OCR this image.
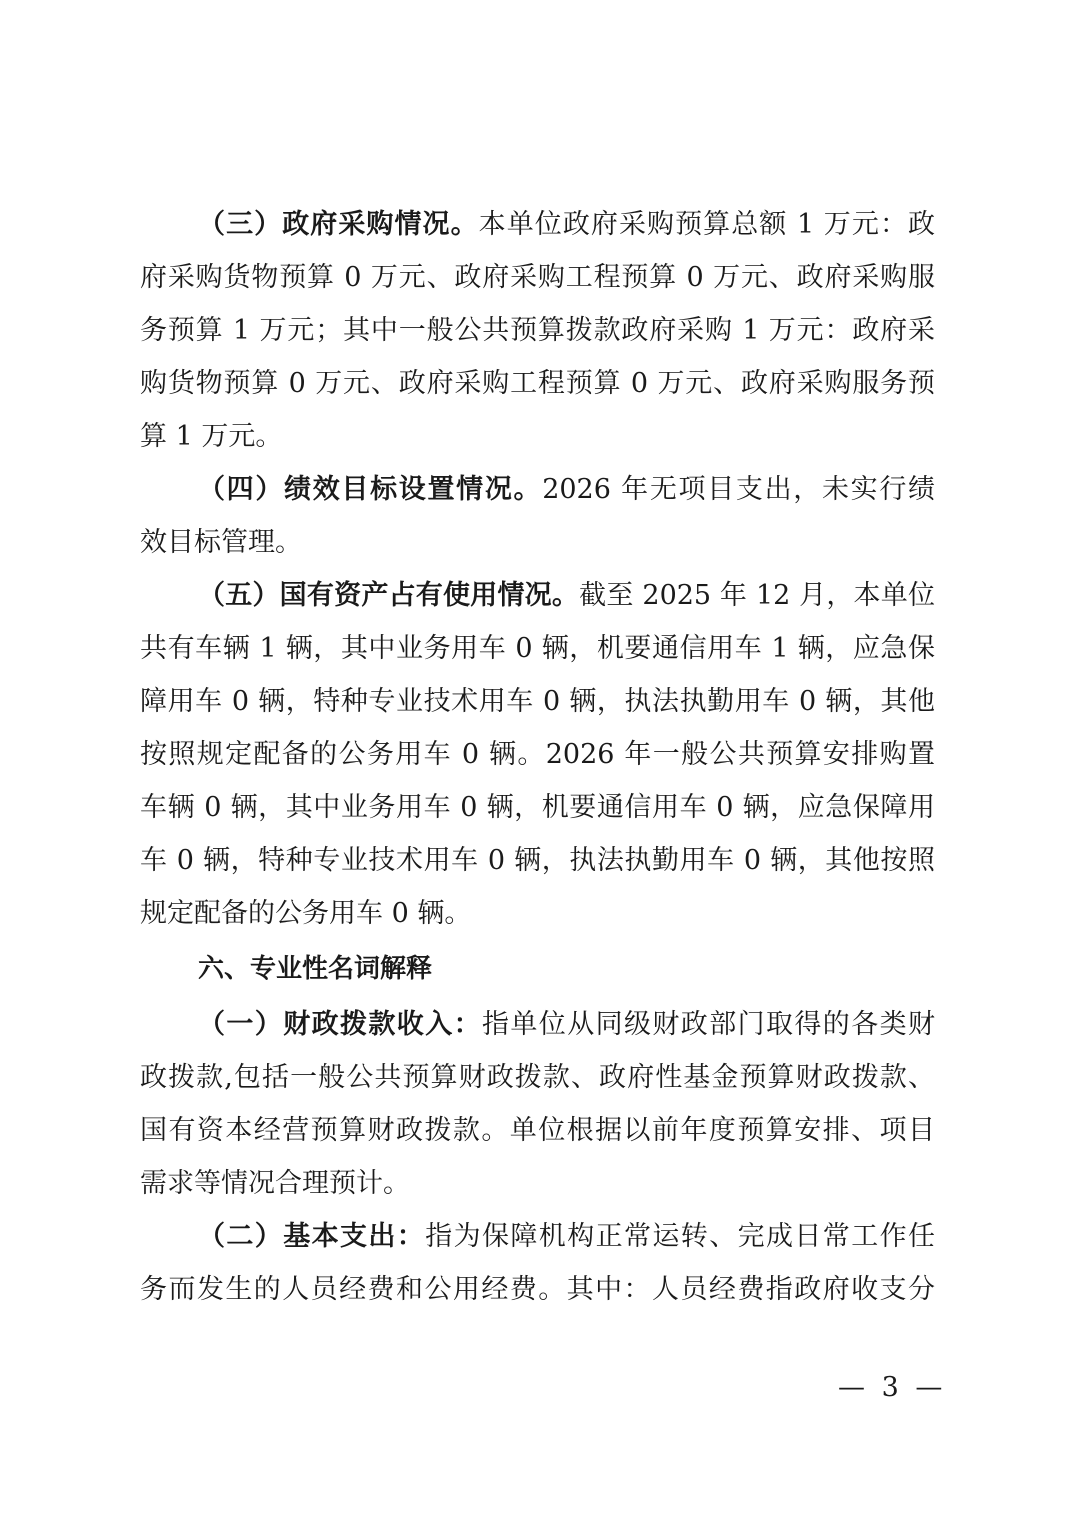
（三）政府采购情况。本单位政府采购预算总额 1 万元：政
府采购货物预算 0 万元、政府采购工程预算 0 万元、政府采购服
务预算 1 万元；其中一般公共预算拨款政府采购 1 万元：政府采
购货物预算 0 万元、政府采购工程预算 0 万元、政府采购服务预
算 1 万元。
（四）绩效目标设置情况。2026 年无项目支出，未实行绩
效目标管理。
（五）国有资产占有使用情况。截至 2025 年 12 月，本单位
共有车辆 1 辆，其中业务用车 0 辆，机要通信用车 1 辆，应急保
障用车 0 辆，特种专业技术用车 0 辆，执法执勤用车 0 辆，其他
按照规定配备的公务用车 0 辆。2026 年一般公共预算安排购置
车辆 0 辆，其中业务用车 0 辆，机要通信用车 0 辆，应急保障用
车 0 辆，特种专业技术用车 0 辆，执法执勤用车 0 辆，其他按照
规定配备的公务用车 0 辆。
六、专业性名词解释
（一）财政拨款收入：指单位从同级财政部门取得的各类财
政拨款,包括一般公共预算财政拨款、政府性基金预算财政拨款、
国有资本经营预算财政拨款。单位根据以前年度预算安排、项目
需求等情况合理预计。
（二）基本支出：指为保障机构正常运转、完成日常工作任
务而发生的人员经费和公用经费。其中：人员经费指政府收支分
— 3 —
